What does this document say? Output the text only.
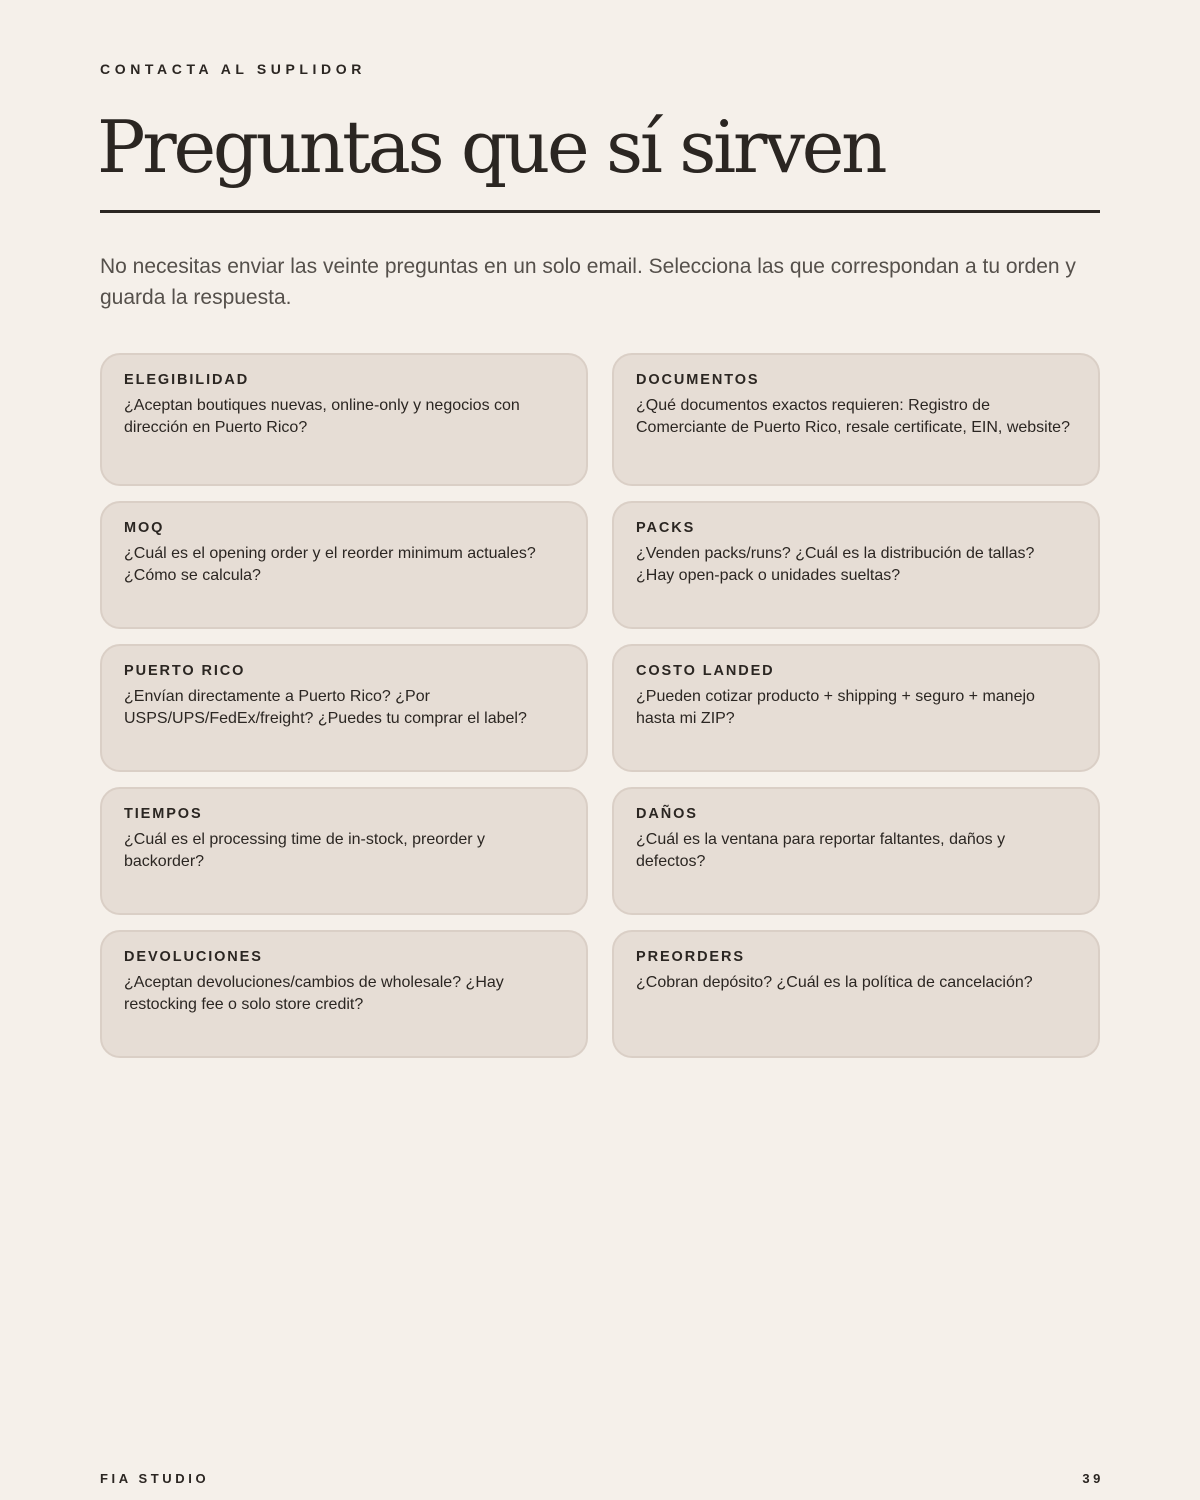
CONTACTA AL SUPLIDOR
Preguntas que sí sirven

No necesitas enviar las veinte preguntas en un solo email. Selecciona las que correspondan a tu orden y guarda la respuesta.

ELEGIBILIDAD
¿Aceptan boutiques nuevas, online-only y negocios con dirección en Puerto Rico?
DOCUMENTOS
¿Qué documentos exactos requieren: Registro de Comerciante de Puerto Rico, resale certificate, EIN, website?
MOQ
¿Cuál es el opening order y el reorder minimum actuales? ¿Cómo se calcula?
PACKS
¿Venden packs/runs? ¿Cuál es la distribución de tallas? ¿Hay open-pack o unidades sueltas?
PUERTO RICO
¿Envían directamente a Puerto Rico? ¿Por USPS/UPS/FedEx/freight? ¿Puedes tu comprar el label?
COSTO LANDED
¿Pueden cotizar producto + shipping + seguro + manejo hasta mi ZIP?
TIEMPOS
¿Cuál es el processing time de in-stock, preorder y backorder?
DAÑOS
¿Cuál es la ventana para reportar faltantes, daños y defectos?
DEVOLUCIONES
¿Aceptan devoluciones/cambios de wholesale? ¿Hay restocking fee o solo store credit?
PREORDERS
¿Cobran depósito? ¿Cuál es la política de cancelación?
FIA STUDIO	39
